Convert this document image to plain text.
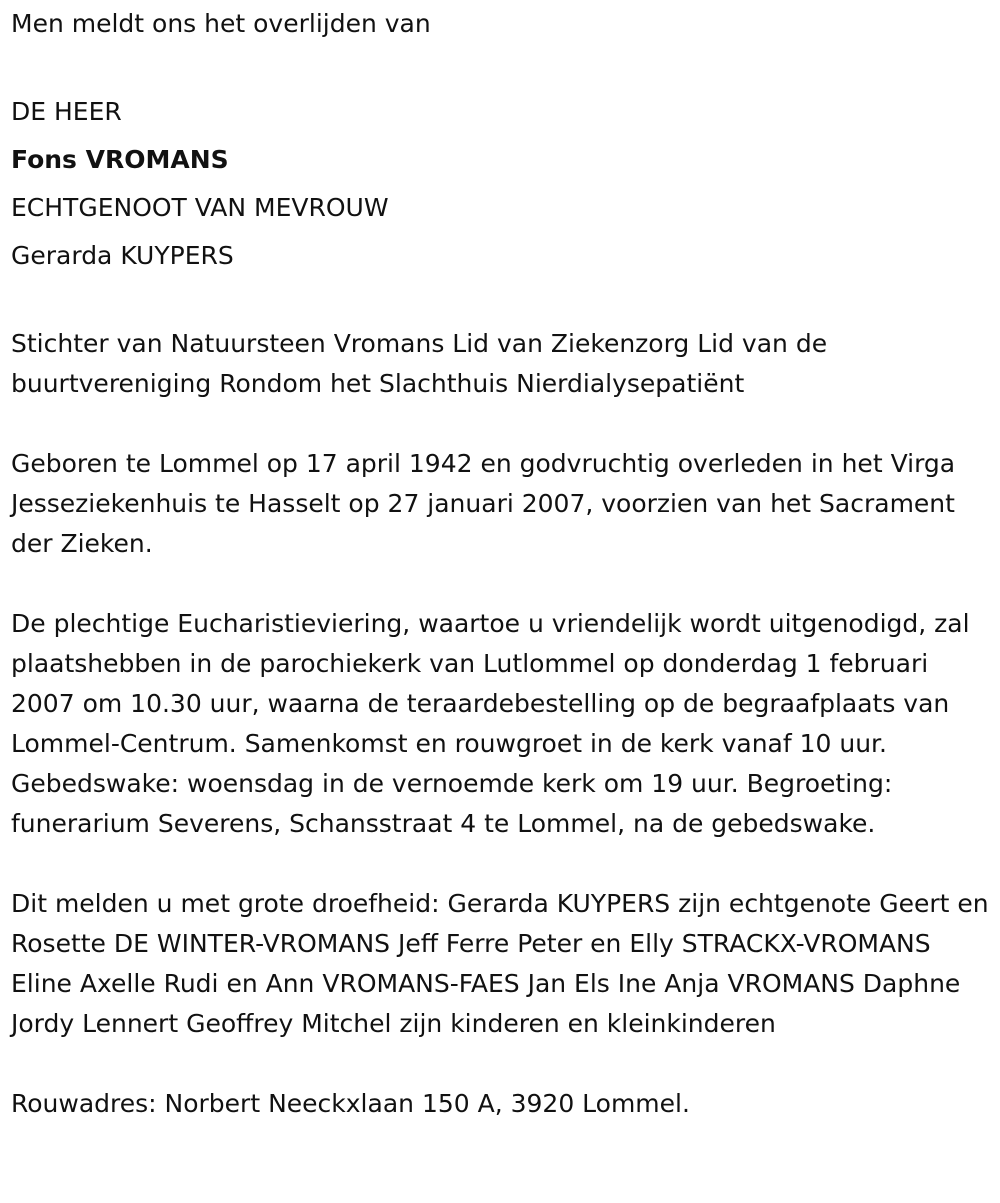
Men meldt ons het overlijden van
DE HEER
Fons VROMANS
ECHTGENOOT VAN MEVROUW
Gerarda KUYPERS

Stichter van Natuursteen Vromans Lid van Ziekenzorg Lid van de buurtvereniging Rondom het Slachthuis Nierdialysepatiënt

Geboren te Lommel op 17 april 1942 en godvruchtig overleden in het Virga Jesseziekenhuis te Hasselt op 27 januari 2007, voorzien van het Sacrament der Zieken.

De plechtige Eucharistieviering, waartoe u vriendelijk wordt uitgenodigd, zal plaatshebben in de parochiekerk van Lutlommel op donderdag 1 februari 2007 om 10.30 uur, waarna de teraardebestelling op de begraafplaats van Lommel-Centrum. Samenkomst en rouwgroet in de kerk vanaf 10 uur. Gebedswake: woensdag in de vernoemde kerk om 19 uur. Begroeting: funerarium Severens, Schansstraat 4 te Lommel, na de gebedswake.

Dit melden u met grote droefheid: Gerarda KUYPERS zijn echtgenote Geert en Rosette DE WINTER-VROMANS Jeff Ferre Peter en Elly STRACKX-VROMANS Eline Axelle Rudi en Ann VROMANS-FAES Jan Els Ine Anja VROMANS Daphne Jordy Lennert Geoffrey Mitchel zijn kinderen en kleinkinderen

Rouwadres: Norbert Neeckxlaan 150 A, 3920 Lommel.
